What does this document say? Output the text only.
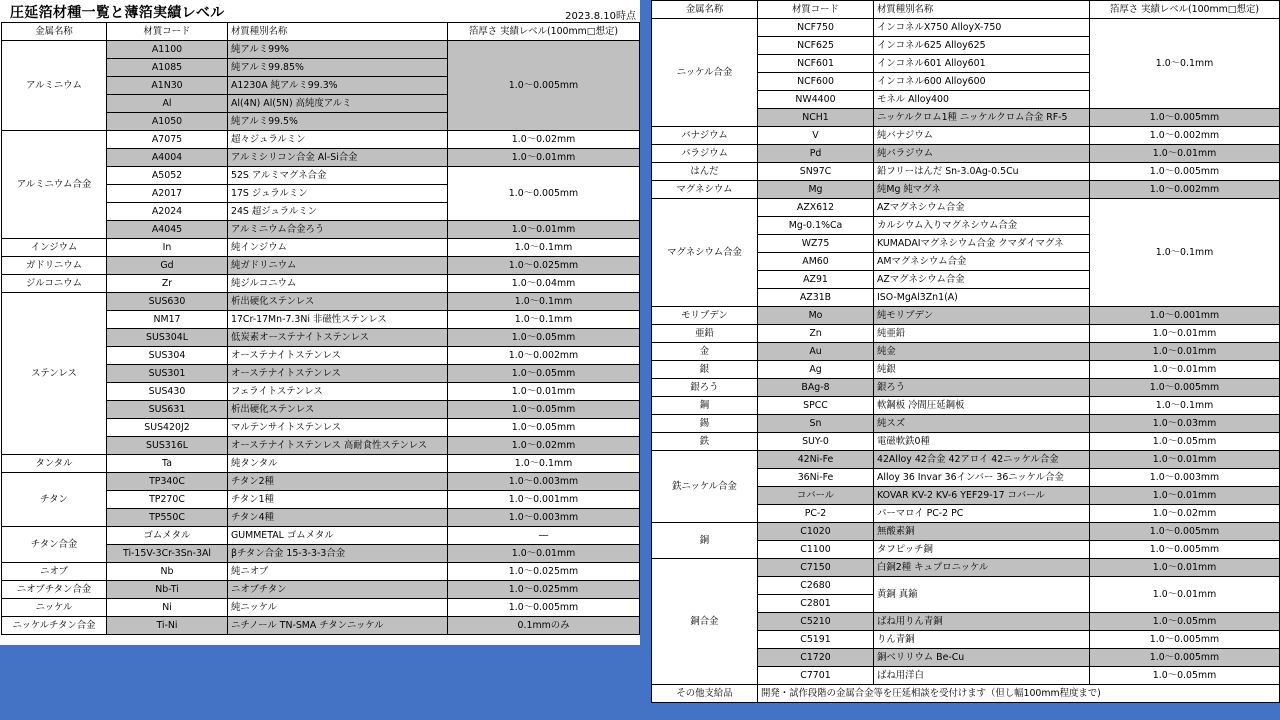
圧延箔材種一覧と薄箔実績レベル	2023.8.10時点
金属名称	材質コード	材質種別名称	箔厚さ 実績レベル(100mm□想定)
アルミニウム	A1100	純アルミ99%	1.0～0.005mm
	A1085	純アルミ99.85%	
	A1N30	A1230A 純アルミ99.3%	
	Al	Al(4N) Al(5N) 高純度アルミ	
	A1050	純アルミ99.5%	
アルミニウム合金	A7075	超々ジュラルミン	1.0～0.02mm
	A4004	アルミシリコン合金 Al-Si合金	1.0～0.01mm
	A5052	52S アルミマグネ合金	1.0～0.005mm
	A2017	17S ジュラルミン	
	A2024	24S 超ジュラルミン	
	A4045	アルミニウム合金ろう	1.0～0.01mm
インジウム	In	純インジウム	1.0～0.1mm
ガドリニウム	Gd	純ガドリニウム	1.0～0.025mm
ジルコニウム	Zr	純ジルコニウム	1.0～0.04mm
ステンレス	SUS630	析出硬化ステンレス	1.0～0.1mm
	NM17	17Cr-17Mn-7.3Ni 非磁性ステンレス	1.0～0.1mm
	SUS304L	低炭素オーステナイトステンレス	1.0～0.05mm
	SUS304	オーステナイトステンレス	1.0～0.002mm
	SUS301	オーステナイトステンレス	1.0～0.05mm
	SUS430	フェライトステンレス	1.0～0.01mm
	SUS631	析出硬化ステンレス	1.0～0.05mm
	SUS420J2	マルテンサイトステンレス	1.0～0.05mm
	SUS316L	オーステナイトステンレス 高耐食性ステンレス	1.0～0.02mm
タンタル	Ta	純タンタル	1.0～0.1mm
チタン	TP340C	チタン2種	1.0～0.003mm
	TP270C	チタン1種	1.0～0.001mm
	TP550C	チタン4種	1.0～0.003mm
チタン合金	ゴムメタル	GUMMETAL ゴムメタル	―
	Ti-15V-3Cr-3Sn-3Al	βチタン合金 15-3-3-3合金	1.0～0.01mm
ニオブ	Nb	純ニオブ	1.0～0.025mm
ニオブチタン合金	Nb-Ti	ニオブチタン	1.0～0.025mm
ニッケル	Ni	純ニッケル	1.0～0.005mm
ニッケルチタン合金	Ti-Ni	ニチノール TN-SMA チタンニッケル	0.1mmのみ
金属名称	材質コード	材質種別名称	箔厚さ 実績レベル(100mm□想定)
ニッケル合金	NCF750	インコネルX750 AlloyX-750	1.0～0.1mm
	NCF625	インコネル625 Alloy625	
	NCF601	インコネル601 Alloy601	
	NCF600	インコネル600 Alloy600	
	NW4400	モネル Alloy400	
	NCH1	ニッケルクロム1種 ニッケルクロム合金 RF-5	1.0～0.005mm
バナジウム	V	純バナジウム	1.0～0.002mm
パラジウム	Pd	純パラジウム	1.0～0.01mm
はんだ	SN97C	鉛フリーはんだ Sn-3.0Ag-0.5Cu	1.0～0.005mm
マグネシウム	Mg	純Mg 純マグネ	1.0～0.002mm
マグネシウム合金	AZX612	AZマグネシウム合金	1.0～0.1mm
	Mg-0.1%Ca	カルシウム入りマグネシウム合金	
	WZ75	KUMADAIマグネシウム合金 クマダイマグネ	
	AM60	AMマグネシウム合金	
	AZ91	AZマグネシウム合金	
	AZ31B	ISO-MgAl3Zn1(A)	
モリブデン	Mo	純モリブデン	1.0～0.001mm
亜鉛	Zn	純亜鉛	1.0～0.01mm
金	Au	純金	1.0～0.01mm
銀	Ag	純銀	1.0～0.01mm
銀ろう	BAg-8	銀ろう	1.0～0.005mm
鋼	SPCC	軟鋼板 冷間圧延鋼板	1.0～0.1mm
錫	Sn	純スズ	1.0～0.03mm
鉄	SUY-0	電磁軟鉄0種	1.0～0.05mm
鉄ニッケル合金	42Ni-Fe	42Alloy 42合金 42アロイ 42ニッケル合金	1.0～0.01mm
	36Ni-Fe	Alloy 36 Invar 36インバー 36ニッケル合金	1.0～0.003mm
	コバール	KOVAR KV-2 KV-6 YEF29-17 コバール	1.0～0.01mm
	PC-2	パーマロイ PC-2 PC	1.0～0.02mm
銅	C1020	無酸素銅	1.0～0.005mm
	C1100	タフピッチ銅	1.0～0.005mm
銅合金	C7150	白銅2種 キュプロニッケル	1.0～0.01mm
	C2680	黄銅 真鍮	1.0～0.01mm
	C2801		
	C5210	ばね用りん青銅	1.0～0.05mm
	C5191	りん青銅	1.0～0.005mm
	C1720	銅ベリリウム Be-Cu	1.0～0.005mm
	C7701	ばね用洋白	1.0～0.05mm
その他支給品	開発・試作段階の金属合金等を圧延相談を受付けます（但し幅100mm程度まで)		
